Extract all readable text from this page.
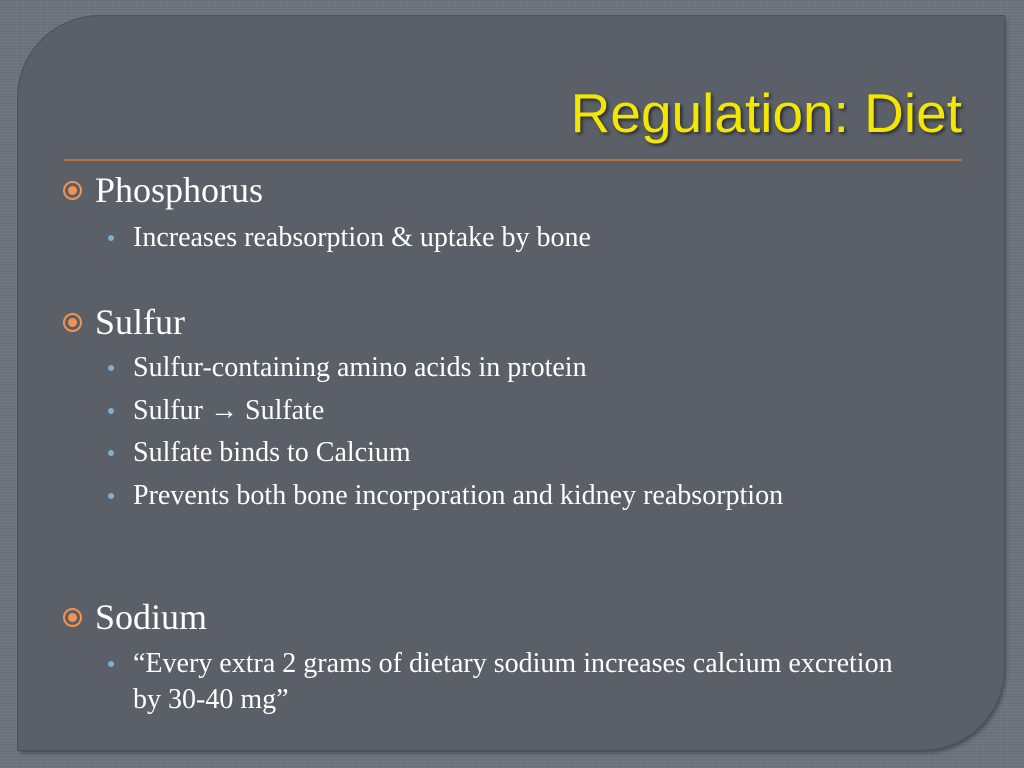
Regulation: Diet
Phosphorus
Increases reabsorption & uptake by bone
Sulfur
Sulfur-containing amino acids in protein
Sulfur → Sulfate
Sulfate binds to Calcium
Prevents both bone incorporation and kidney reabsorption
Sodium
“Every extra 2 grams of dietary sodium increases calcium excretion by 30-40 mg”
